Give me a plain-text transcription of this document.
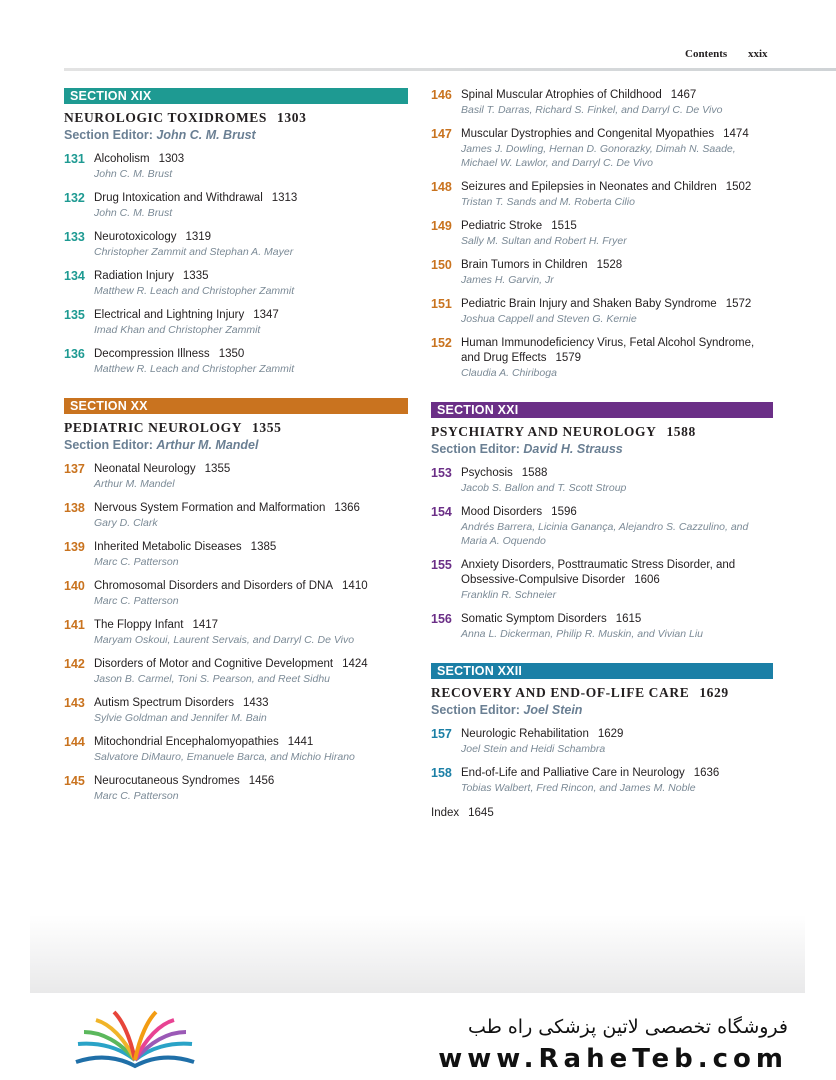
Contents xxix
SECTION XIX
NEUROLOGIC TOXIDROMES 1303
Section Editor: John C. M. Brust
131 Alcoholism 1303
John C. M. Brust
132 Drug Intoxication and Withdrawal 1313
John C. M. Brust
133 Neurotoxicology 1319
Christopher Zammit and Stephan A. Mayer
134 Radiation Injury 1335
Matthew R. Leach and Christopher Zammit
135 Electrical and Lightning Injury 1347
Imad Khan and Christopher Zammit
136 Decompression Illness 1350
Matthew R. Leach and Christopher Zammit
SECTION XX
PEDIATRIC NEUROLOGY 1355
Section Editor: Arthur M. Mandel
137 Neonatal Neurology 1355
Arthur M. Mandel
138 Nervous System Formation and Malformation 1366
Gary D. Clark
139 Inherited Metabolic Diseases 1385
Marc C. Patterson
140 Chromosomal Disorders and Disorders of DNA 1410
Marc C. Patterson
141 The Floppy Infant 1417
Maryam Oskoui, Laurent Servais, and Darryl C. De Vivo
142 Disorders of Motor and Cognitive Development 1424
Jason B. Carmel, Toni S. Pearson, and Reet Sidhu
143 Autism Spectrum Disorders 1433
Sylvie Goldman and Jennifer M. Bain
144 Mitochondrial Encephalomyopathies 1441
Salvatore DiMauro, Emanuele Barca, and Michio Hirano
145 Neurocutaneous Syndromes 1456
Marc C. Patterson
146 Spinal Muscular Atrophies of Childhood 1467
Basil T. Darras, Richard S. Finkel, and Darryl C. De Vivo
147 Muscular Dystrophies and Congenital Myopathies 1474
James J. Dowling, Hernan D. Gonorazky, Dimah N. Saade, Michael W. Lawlor, and Darryl C. De Vivo
148 Seizures and Epilepsies in Neonates and Children 1502
Tristan T. Sands and M. Roberta Cilio
149 Pediatric Stroke 1515
Sally M. Sultan and Robert H. Fryer
150 Brain Tumors in Children 1528
James H. Garvin, Jr
151 Pediatric Brain Injury and Shaken Baby Syndrome 1572
Joshua Cappell and Steven G. Kernie
152 Human Immunodeficiency Virus, Fetal Alcohol Syndrome, and Drug Effects 1579
Claudia A. Chiriboga
SECTION XXI
PSYCHIATRY AND NEUROLOGY 1588
Section Editor: David H. Strauss
153 Psychosis 1588
Jacob S. Ballon and T. Scott Stroup
154 Mood Disorders 1596
Andrés Barrera, Licinia Ganança, Alejandro S. Cazzulino, and Maria A. Oquendo
155 Anxiety Disorders, Posttraumatic Stress Disorder, and Obsessive-Compulsive Disorder 1606
Franklin R. Schneier
156 Somatic Symptom Disorders 1615
Anna L. Dickerman, Philip R. Muskin, and Vivian Liu
SECTION XXII
RECOVERY AND END-OF-LIFE CARE 1629
Section Editor: Joel Stein
157 Neurologic Rehabilitation 1629
Joel Stein and Heidi Schambra
158 End-of-Life and Palliative Care in Neurology 1636
Tobias Walbert, Fred Rincon, and James M. Noble
Index 1645
فروشگاه تخصصی لاتین پزشکی راه طب
www.RaheTeb.com
